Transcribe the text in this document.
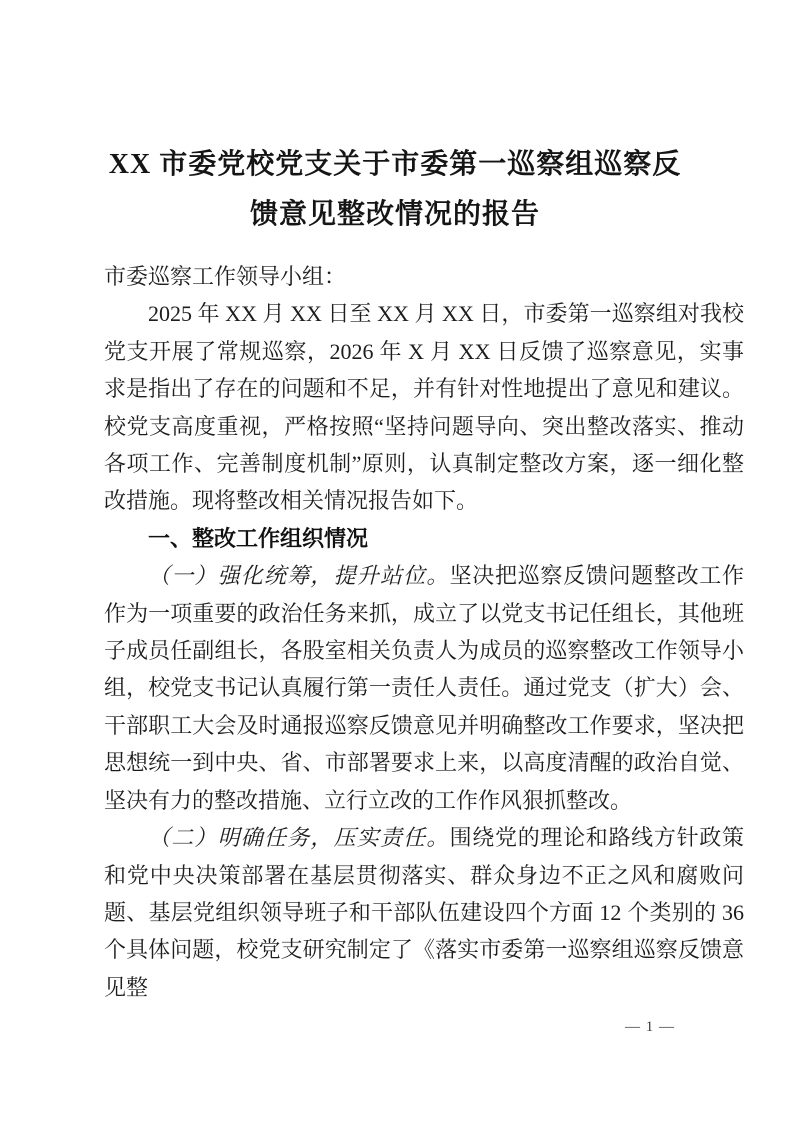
XX 市委党校党支关于市委第一巡察组巡察反
馈意见整改情况的报告

市委巡察工作领导小组：

2025 年 XX 月 XX 日至 XX 月 XX 日，市委第一巡察组对我校党支开展了常规巡察，2026 年 X 月 XX 日反馈了巡察意见，实事求是指出了存在的问题和不足，并有针对性地提出了意见和建议。校党支高度重视，严格按照“坚持问题导向、突出整改落实、推动各项工作、完善制度机制”原则，认真制定整改方案，逐一细化整改措施。现将整改相关情况报告如下。

一、整改工作组织情况

（一）强化统筹，提升站位。坚决把巡察反馈问题整改工作作为一项重要的政治任务来抓，成立了以党支书记任组长，其他班子成员任副组长，各股室相关负责人为成员的巡察整改工作领导小组，校党支书记认真履行第一责任人责任。通过党支（扩大）会、干部职工大会及时通报巡察反馈意见并明确整改工作要求，坚决把思想统一到中央、省、市部署要求上来，以高度清醒的政治自觉、坚决有力的整改措施、立行立改的工作作风狠抓整改。

（二）明确任务，压实责任。围绕党的理论和路线方针政策和党中央决策部署在基层贯彻落实、群众身边不正之风和腐败问题、基层党组织领导班子和干部队伍建设四个方面 12 个类别的 36 个具体问题，校党支研究制定了《落实市委第一巡察组巡察反馈意见整

— 1 —
